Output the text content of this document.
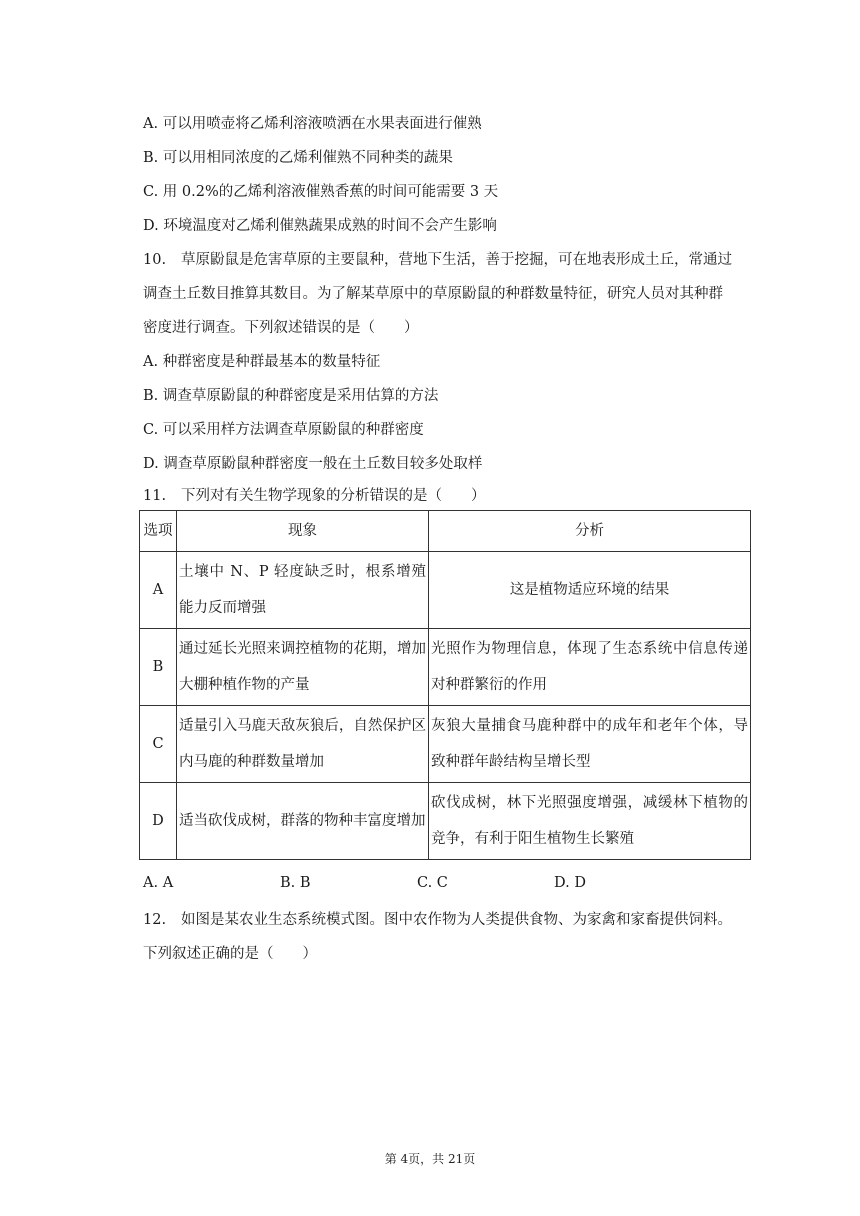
A. 可以用喷壶将乙烯利溶液喷洒在水果表面进行催熟
B. 可以用相同浓度的乙烯利催熟不同种类的蔬果
C. 用 0.2%的乙烯利溶液催熟香蕉的时间可能需要 3 天
D. 环境温度对乙烯利催熟蔬果成熟的时间不会产生影响
10. 草原鼢鼠是危害草原的主要鼠种，营地下生活，善于挖掘，可在地表形成土丘，常通过
调查土丘数目推算其数目。为了解某草原中的草原鼢鼠的种群数量特征，研究人员对其种群
密度进行调查。下列叙述错误的是（　　）
A. 种群密度是种群最基本的数量特征
B. 调查草原鼢鼠的种群密度是采用估算的方法
C. 可以采用样方法调查草原鼢鼠的种群密度
D. 调查草原鼢鼠种群密度一般在土丘数目较多处取样
11. 下列对有关生物学现象的分析错误的是（　　）
选项	现象	分析
A	土壤中 N、P 轻度缺乏时，根系增殖能力反而增强	这是植物适应环境的结果
B	通过延长光照来调控植物的花期，增加大棚种植作物的产量	光照作为物理信息，体现了生态系统中信息传递对种群繁衍的作用
C	适量引入马鹿天敌灰狼后，自然保护区内马鹿的种群数量增加	灰狼大量捕食马鹿种群中的成年和老年个体，导致种群年龄结构呈增长型
D	适当砍伐成树，群落的物种丰富度增加	砍伐成树，林下光照强度增强，减缓林下植物的竞争，有利于阳生植物生长繁殖
A. A	B. B	C. C	D. D
12. 如图是某农业生态系统模式图。图中农作物为人类提供食物、为家禽和家畜提供饲料。
下列叙述正确的是（　　）
第 4页，共 21页
